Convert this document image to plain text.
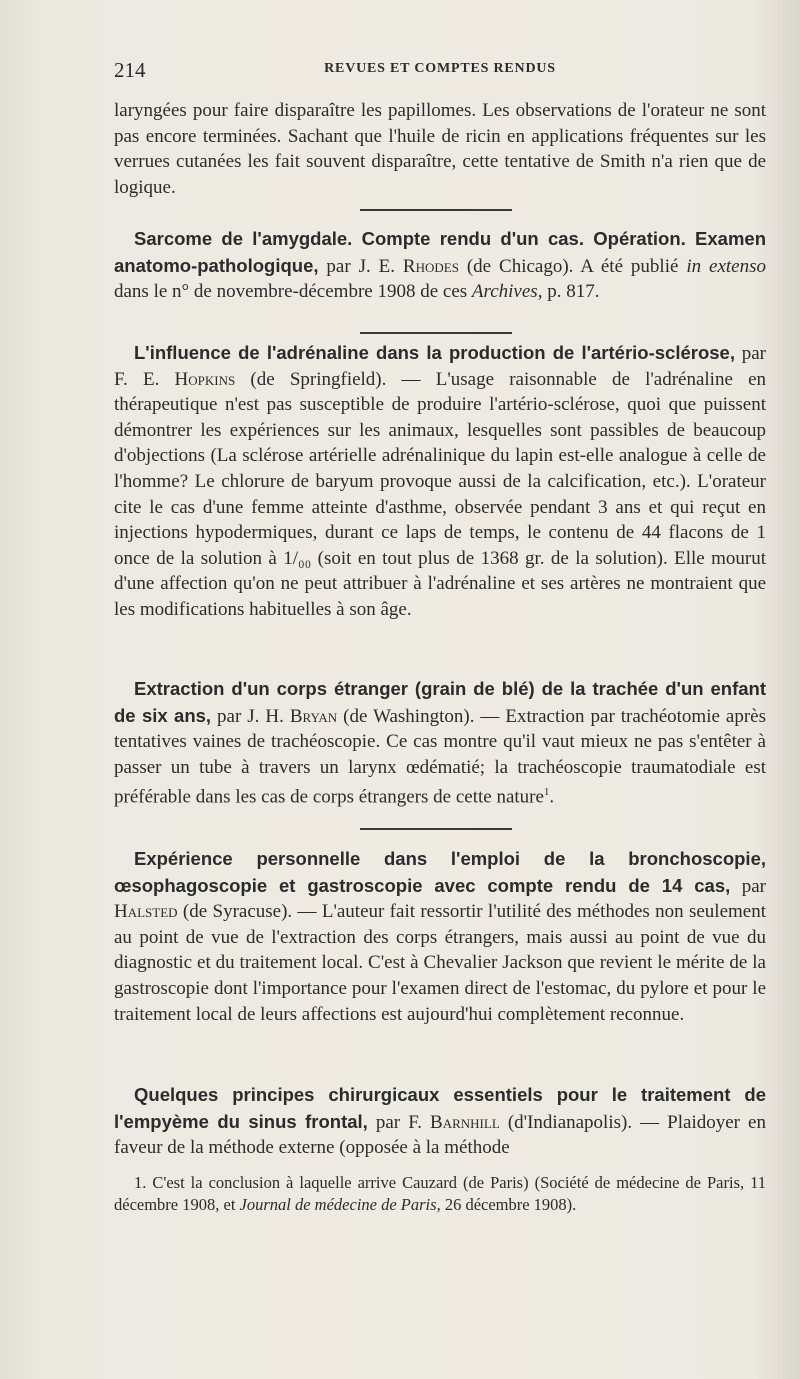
214	REVUES ET COMPTES RENDUS

laryngées pour faire disparaître les papillomes. Les observations de l'orateur ne sont pas encore terminées. Sachant que l'huile de ricin en applications fréquentes sur les verrues cutanées les fait souvent disparaître, cette tentative de Smith n'a rien que de logique.

Sarcome de l'amygdale. Compte rendu d'un cas. Opération. Examen anatomo-pathologique, par J. E. Rhodes (de Chicago). A été publié in extenso dans le n° de novembre-décembre 1908 de ces Archives, p. 817.

L'influence de l'adrénaline dans la production de l'artério-sclérose, par F. E. Hopkins (de Springfield). — L'usage raisonnable de l'adrénaline en thérapeutique n'est pas susceptible de produire l'artério-sclérose, quoi que puissent démontrer les expériences sur les animaux, lesquelles sont passibles de beaucoup d'objections (La sclérose artérielle adrénalinique du lapin est-elle analogue à celle de l'homme? Le chlorure de baryum provoque aussi de la calcification, etc.). L'orateur cite le cas d'une femme atteinte d'asthme, observée pendant 3 ans et qui reçut en injections hypodermiques, durant ce laps de temps, le contenu de 44 flacons de 1 once de la solution à 1/₀₀ (soit en tout plus de 1368 gr. de la solution). Elle mourut d'une affection qu'on ne peut attribuer à l'adrénaline et ses artères ne montraient que les modifications habituelles à son âge.

Extraction d'un corps étranger (grain de blé) de la trachée d'un enfant de six ans, par J. H. Bryan (de Washington). — Extraction par trachéotomie après tentatives vaines de trachéoscopie. Ce cas montre qu'il vaut mieux ne pas s'entêter à passer un tube à travers un larynx œdématié; la trachéoscopie traumatodiale est préférable dans les cas de corps étrangers de cette nature$^1$.

Expérience personnelle dans l'emploi de la bronchoscopie, œsophagoscopie et gastroscopie avec compte rendu de 14 cas, par Halsted (de Syracuse). — L'auteur fait ressortir l'utilité des méthodes non seulement au point de vue de l'extraction des corps étrangers, mais aussi au point de vue du diagnostic et du traitement local. C'est à Chevalier Jackson que revient le mérite de la gastroscopie dont l'importance pour l'examen direct de l'estomac, du pylore et pour le traitement local de leurs affections est aujourd'hui complètement reconnue.

Quelques principes chirurgicaux essentiels pour le traitement de l'empyème du sinus frontal, par F. Barnhill (d'Indianapolis). — Plaidoyer en faveur de la méthode externe (opposée à la méthode

1. C'est la conclusion à laquelle arrive Cauzard (de Paris) (Société de médecine de Paris, 11 décembre 1908, et Journal de médecine de Paris, 26 décembre 1908).
